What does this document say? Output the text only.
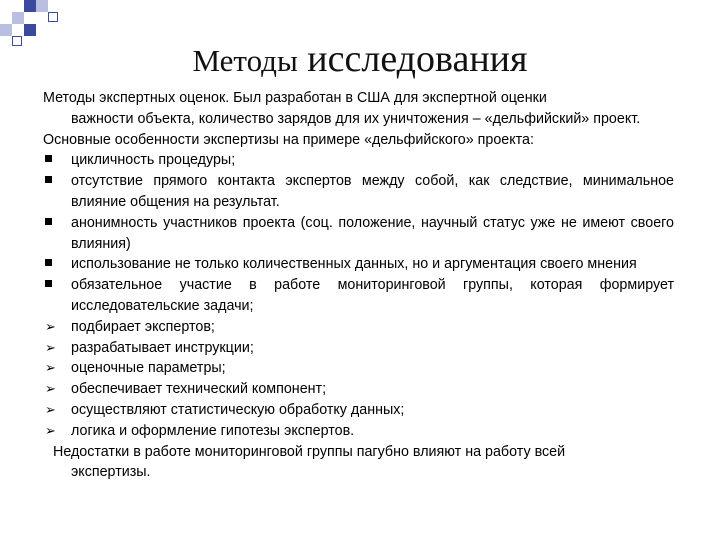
Методы исследования
Методы экспертных оценок. Был разработан в США для экспертной оценки
важности объекта, количество зарядов для их уничтожения – «дельфийский» проект.
Основные особенности экспертизы на примере «дельфийского» проекта:
цикличность процедуры;
отсутствие прямого контакта экспертов между собой, как следствие, минимальное влияние общения на результат.
анонимность участников проекта (соц. положение, научный статус уже не имеют своего влияния)
использование не только количественных данных, но и аргументация своего мнения
обязательное участие в работе мониторинговой группы, которая формирует исследовательские задачи;
➢ подбирает экспертов;
➢ разрабатывает инструкции;
➢ оценочные параметры;
➢ обеспечивает технический компонент;
➢ осуществляют статистическую обработку данных;
➢ логика и оформление гипотезы экспертов.
Недостатки в работе мониторинговой группы пагубно влияют на работу всей
экспертизы.
